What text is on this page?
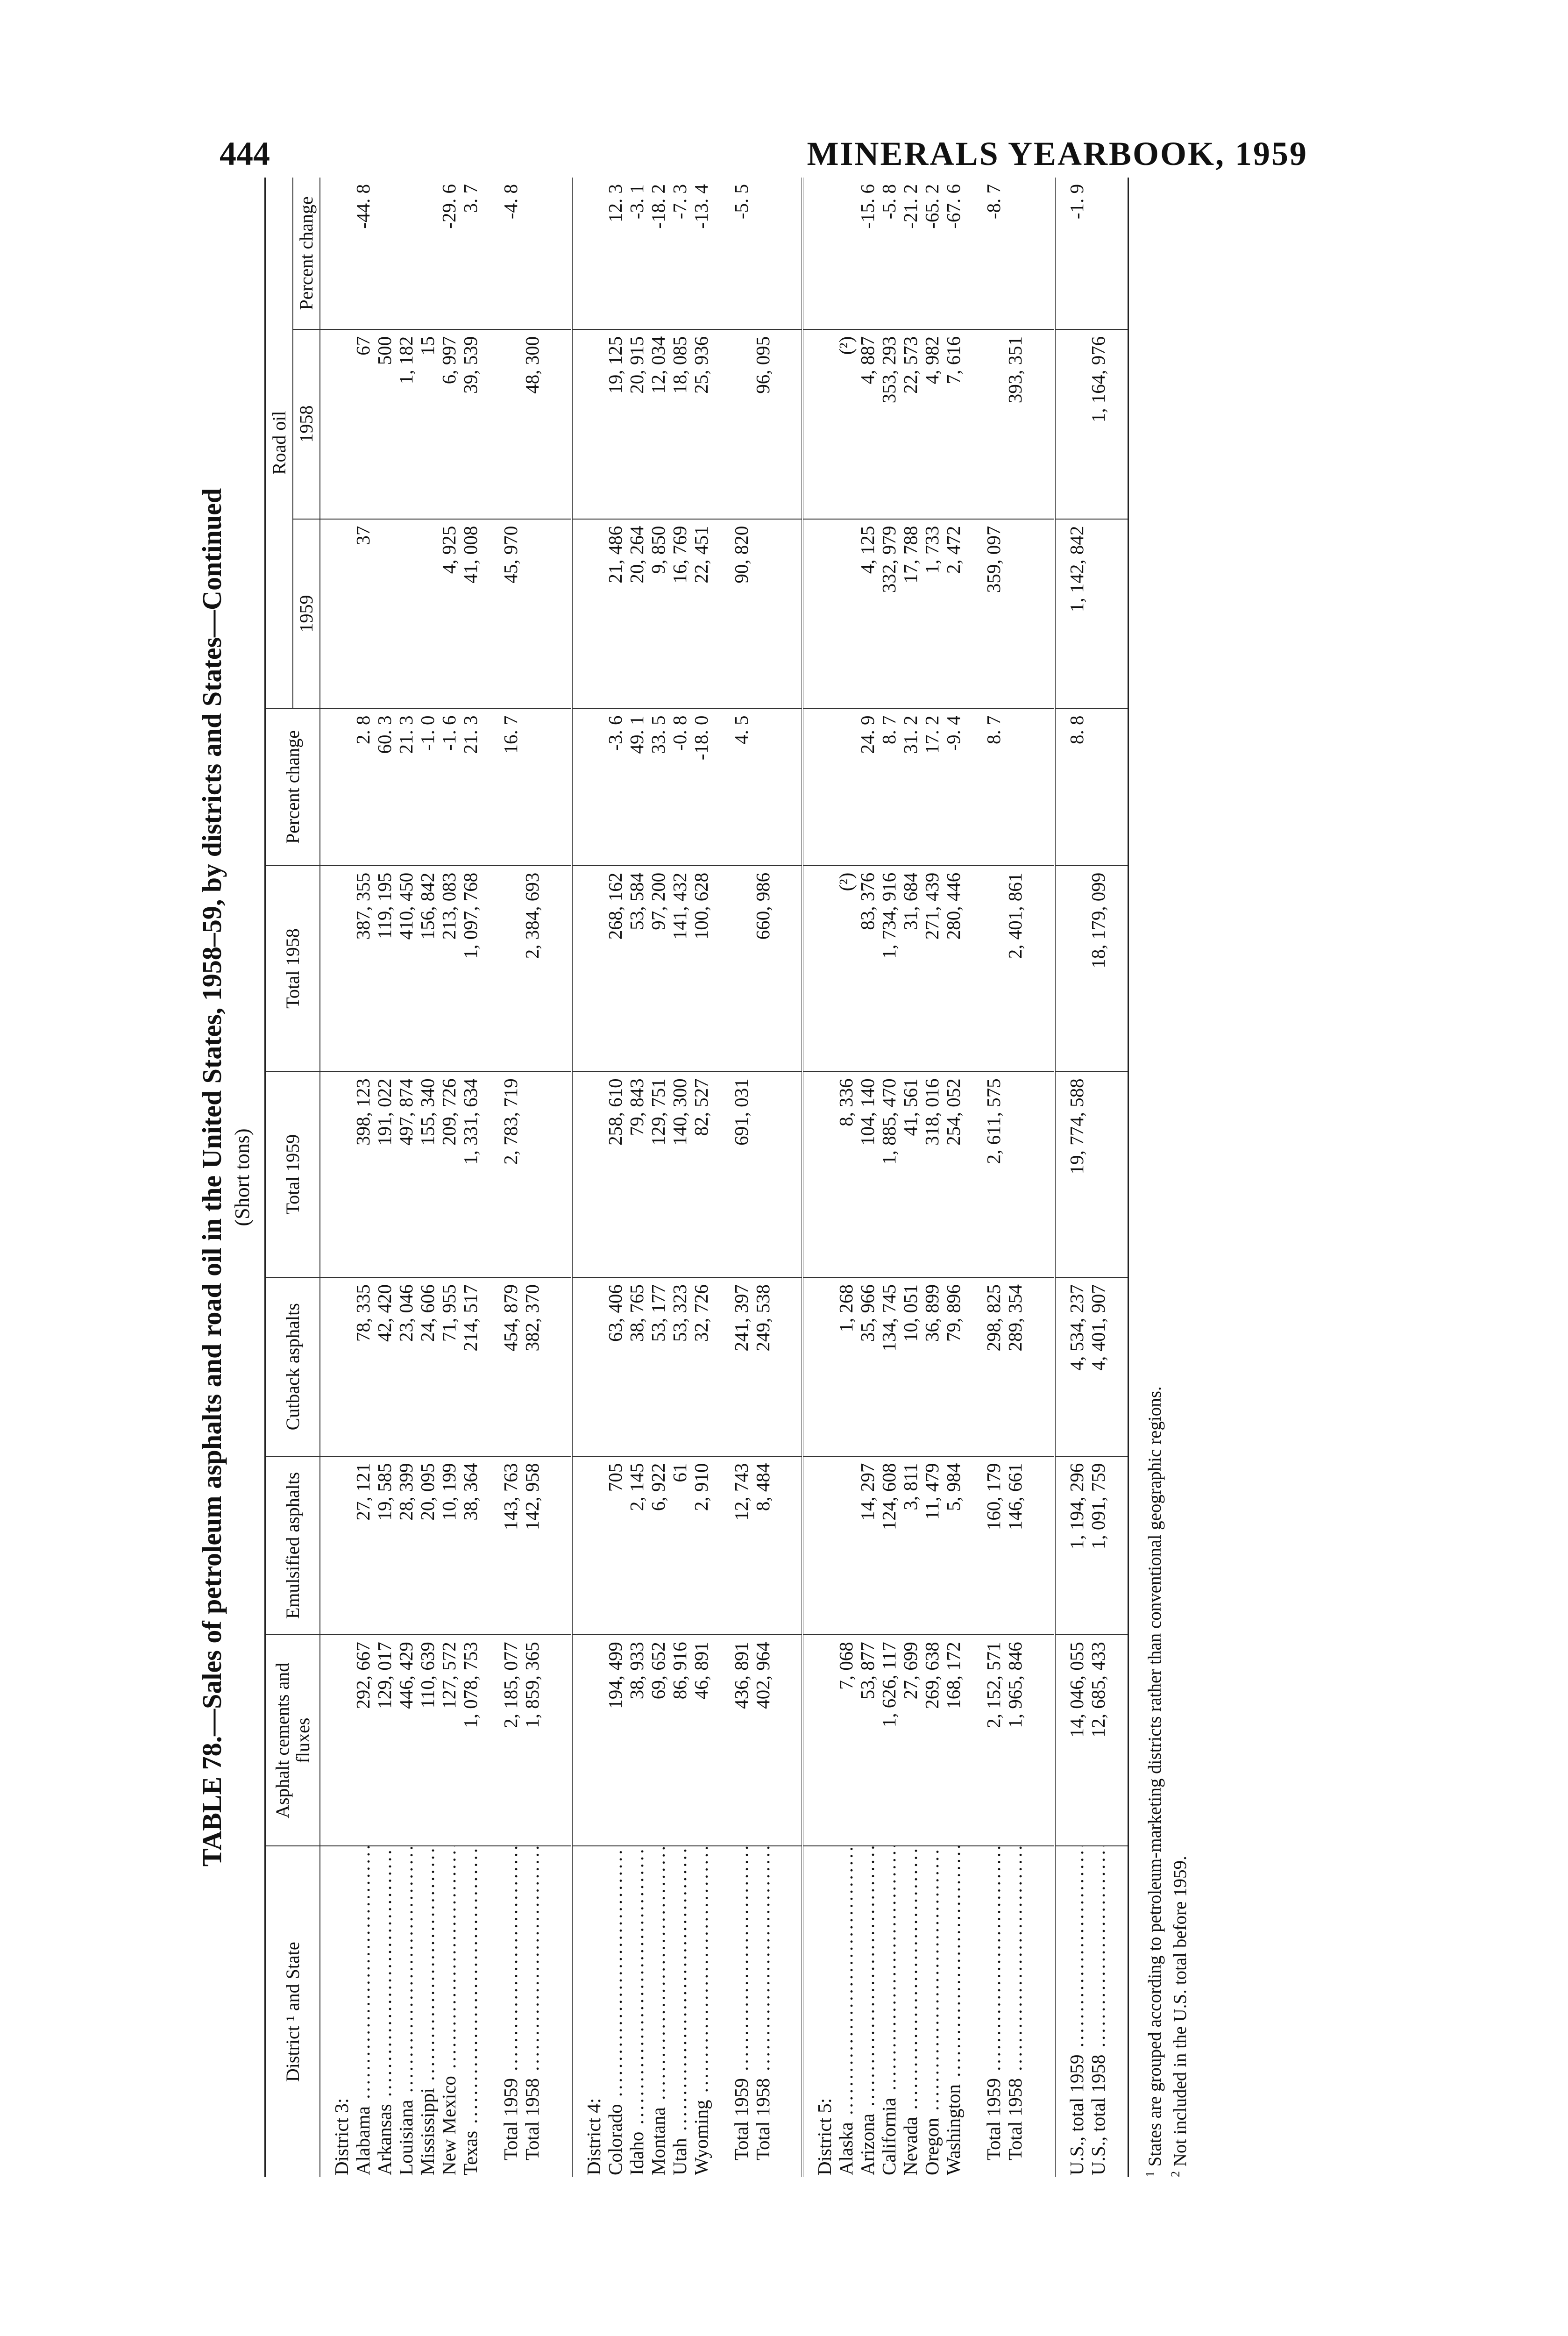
444	MINERALS YEARBOOK, 1959
TABLE 78.—Sales of petroleum asphalts and road oil in the United States, 1958–59, by districts and States—Continued (Short tons)
District ¹ and State	Asphalt cements and fluxes	Emulsified asphalts	Cutback asphalts	Total 1959	Total 1958	Percent change	Road oil		
							1959	1958	Percent change
District 3:									
Alabama .....	292, 667	27, 121	78, 335	398, 123	387, 355	2. 8	37	67	-44. 8
Arkansas .....	129, 017	19, 585	42, 420	191, 022	119, 195	60. 3		500	
Louisiana .....	446, 429	28, 399	23, 046	497, 874	410, 450	21. 3		1, 182	
Mississippi .....	110, 639	20, 095	24, 606	155, 340	156, 842	-1. 0		15	
New Mexico .....	127, 572	10, 199	71, 955	209, 726	213, 083	-1. 6	4, 925	6, 997	-29. 6
Texas .....	1, 078, 753	38, 364	214, 517	1, 331, 634	1, 097, 768	21. 3	41, 008	39, 539	3. 7

Total 1959 .....	2, 185, 077	143, 763	454, 879	2, 783, 719		16. 7	45, 970		-4. 8
Total 1958 .....	1, 859, 365	142, 958	382, 370		2, 384, 693			48, 300	

District 4:									
Colorado .....	194, 499	705	63, 406	258, 610	268, 162	-3. 6	21, 486	19, 125	12. 3
Idaho .....	38, 933	2, 145	38, 765	79, 843	53, 584	49. 1	20, 264	20, 915	-3. 1
Montana .....	69, 652	6, 922	53, 177	129, 751	97, 200	33. 5	9, 850	12, 034	-18. 2
Utah .....	86, 916	61	53, 323	140, 300	141, 432	-0. 8	16, 769	18, 085	-7. 3
Wyoming .....	46, 891	2, 910	32, 726	82, 527	100, 628	-18. 0	22, 451	25, 936	-13. 4

Total 1959 .....	436, 891	12, 743	241, 397	691, 031		4. 5	90, 820		-5. 5
Total 1958 .....	402, 964	8, 484	249, 538		660, 986			96, 095	

District 5:									
Alaska .....	7, 068		1, 268	8, 336	(²)			(²)	
Arizona .....	53, 877	14, 297	35, 966	104, 140	83, 376	24. 9	4, 125	4, 887	-15. 6
California .....	1, 626, 117	124, 608	134, 745	1, 885, 470	1, 734, 916	8. 7	332, 979	353, 293	-5. 8
Nevada .....	27, 699	3, 811	10, 051	41, 561	31, 684	31. 2	17, 788	22, 573	-21. 2
Oregon .....	269, 638	11, 479	36, 899	318, 016	271, 439	17. 2	1, 733	4, 982	-65. 2
Washington .....	168, 172	5, 984	79, 896	254, 052	280, 446	-9. 4	2, 472	7, 616	-67. 6

Total 1959 .....	2, 152, 571	160, 179	298, 825	2, 611, 575		8. 7	359, 097		-8. 7
Total 1958 .....	1, 965, 846	146, 661	289, 354		2, 401, 861			393, 351	

U.S., total 1959 .....	14, 046, 055	1, 194, 296	4, 534, 237	19, 774, 588		8. 8	1, 142, 842		-1. 9
U.S., total 1958 .....	12, 685, 433	1, 091, 759	4, 401, 907		18, 179, 099			1, 164, 976	

$^1$ States are grouped according to petroleum-marketing districts rather than conventional geographic regions.
$^2$ Not included in the U.S. total before 1959.
